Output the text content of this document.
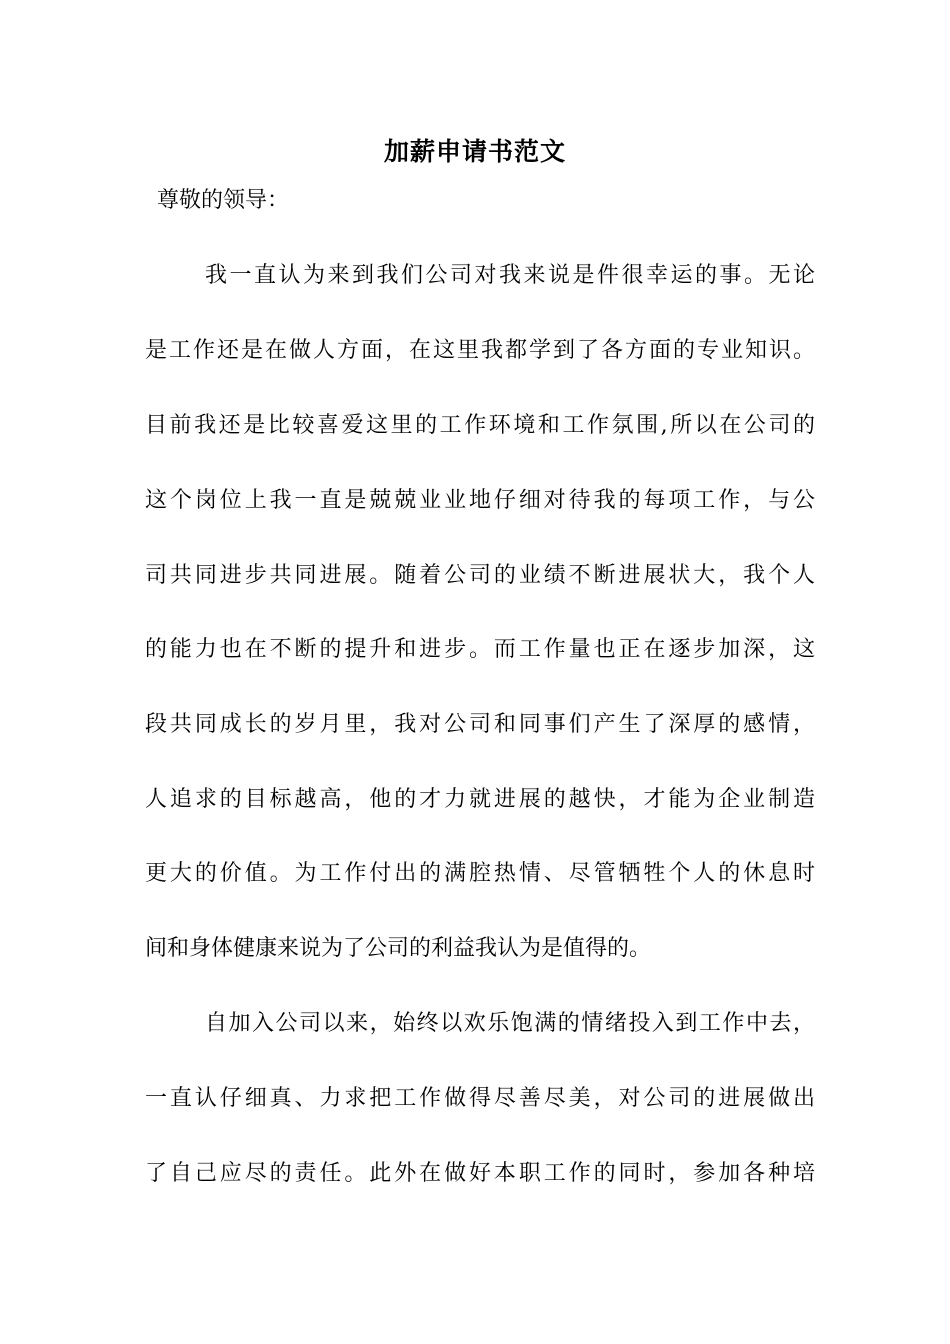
加薪申请书范文
尊敬的领导：
我一直认为来到我们公司对我来说是件很幸运的事。无论
是工作还是在做人方面，在这里我都学到了各方面的专业知识。
目前我还是比较喜爱这里的工作环境和工作氛围,所以在公司的
这个岗位上我一直是兢兢业业地仔细对待我的每项工作，与公
司共同进步共同进展。随着公司的业绩不断进展状大，我个人
的能力也在不断的提升和进步。而工作量也正在逐步加深，这
段共同成长的岁月里，我对公司和同事们产生了深厚的感情，
人追求的目标越高，他的才力就进展的越快，才能为企业制造
更大的价值。为工作付出的满腔热情、尽管牺牲个人的休息时
间和身体健康来说为了公司的利益我认为是值得的。
自加入公司以来，始终以欢乐饱满的情绪投入到工作中去，
一直认仔细真、力求把工作做得尽善尽美，对公司的进展做出
了自己应尽的责任。此外在做好本职工作的同时，参加各种培
